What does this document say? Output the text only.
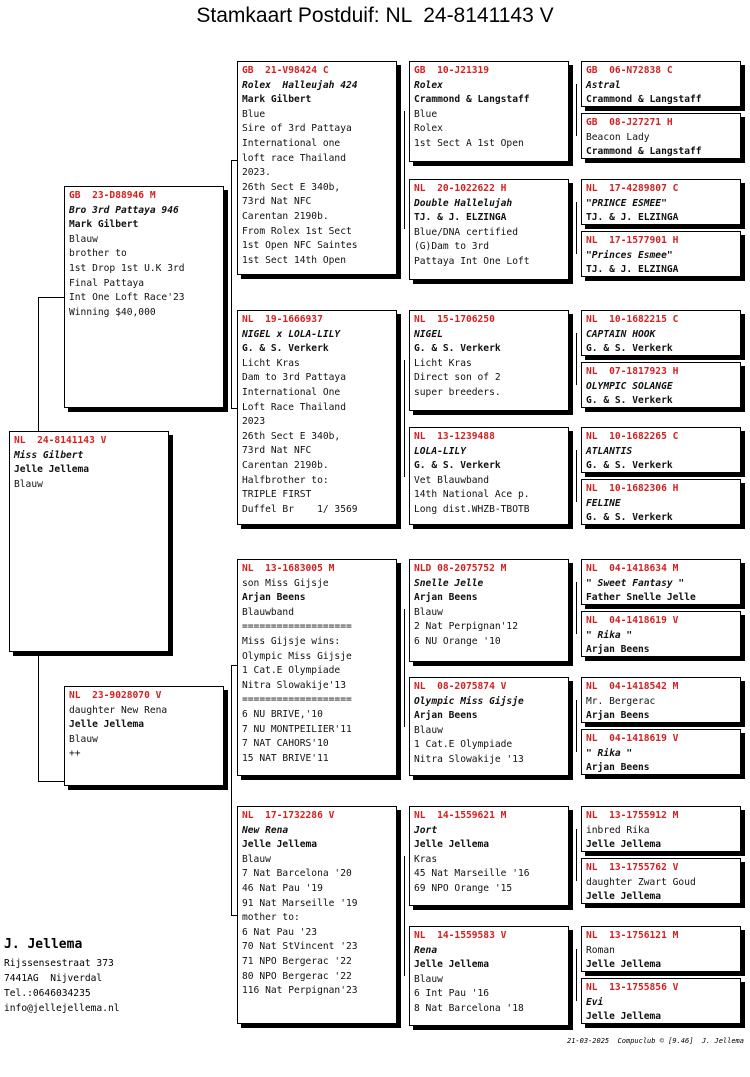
Stamkaart Postduif: NL  24-8141143 V
NL  24-8141143 V
Miss Gilbert
Jelle Jellema
Blauw
GB  23-D88946 M
Bro 3rd Pattaya 946
Mark Gilbert
Blauw
brother to
1st Drop 1st U.K 3rd
Final Pattaya
Int One Loft Race'23
Winning $40,000
NL  23-9028070 V
daughter New Rena
Jelle Jellema
Blauw
++
GB  21-V98424 C
Rolex  Halleujah 424
Mark Gilbert
Blue
Sire of 3rd Pattaya
International one
loft race Thailand
2023.
26th Sect E 340b,
73rd Nat NFC
Carentan 2190b.
From Rolex 1st Sect
1st Open NFC Saintes
1st Sect 14th Open
NL  19-1666937
NIGEL x LOLA-LILY
G. & S. Verkerk
Licht Kras
Dam to 3rd Pattaya
International One
Loft Race Thailand
2023
26th Sect E 340b,
73rd Nat NFC
Carentan 2190b.
Halfbrother to:
TRIPLE FIRST
Duffel Br    1/ 3569
NL  13-1683005 M
son Miss Gijsje
Arjan Beens
Blauwband
===================
Miss Gijsje wins:
Olympic Miss Gijsje
1 Cat.E Olympiade
Nitra Slowakije'13
===================
6 NU BRIVE,'10
7 NU MONTPEILIER'11
7 NAT CAHORS'10
15 NAT BRIVE'11
NL  17-1732286 V
New Rena
Jelle Jellema
Blauw
7 Nat Barcelona '20
46 Nat Pau '19
91 Nat Marseille '19
mother to:
6 Nat Pau '23
70 Nat StVincent '23
71 NPO Bergerac '22
80 NPO Bergerac '22
116 Nat Perpignan'23
GB  10-J21319
Rolex
Crammond & Langstaff
Blue
Rolex
1st Sect A 1st Open
NL  20-1022622 H
Double Hallelujah
TJ. & J. ELZINGA
Blue/DNA certified
(G)Dam to 3rd
Pattaya Int One Loft
NL  15-1706250
NIGEL
G. & S. Verkerk
Licht Kras
Direct son of 2
super breeders.
NL  13-1239488
LOLA-LILY
G. & S. Verkerk
Vet Blauwband
14th National Ace p.
Long dist.WHZB-TBOTB
NLD 08-2075752 M
Snelle Jelle
Arjan Beens
Blauw
2 Nat Perpignan'12
6 NU Orange '10
NL  08-2075874 V
Olympic Miss Gijsje
Arjan Beens
Blauw
1 Cat.E Olympiade
Nitra Slowakije '13
NL  14-1559621 M
Jort
Jelle Jellema
Kras
45 Nat Marseille '16
69 NPO Orange '15
NL  14-1559583 V
Rena
Jelle Jellema
Blauw
6 Int Pau '16
8 Nat Barcelona '18
GB  06-N72838 C
Astral
Crammond & Langstaff
GB  08-J27271 H
Beacon Lady
Crammond & Langstaff
NL  17-4289807 C
"PRINCE ESMEE"
TJ. & J. ELZINGA
NL  17-1577901 H
"Princes Esmee"
TJ. & J. ELZINGA
NL  10-1682215 C
CAPTAIN HOOK
G. & S. Verkerk
NL  07-1817923 H
OLYMPIC SOLANGE
G. & S. Verkerk
NL  10-1682265 C
ATLANTIS
G. & S. Verkerk
NL  10-1682306 H
FELINE
G. & S. Verkerk
NL  04-1418634 M
" Sweet Fantasy "
Father Snelle Jelle
NL  04-1418619 V
" Rika "
Arjan Beens
NL  04-1418542 M
Mr. Bergerac
Arjan Beens
NL  04-1418619 V
" Rika "
Arjan Beens
NL  13-1755912 M
inbred Rika
Jelle Jellema
NL  13-1755762 V
daughter Zwart Goud
Jelle Jellema
NL  13-1756121 M
Roman
Jelle Jellema
NL  13-1755856 V
Evi
Jelle Jellema
J. Jellema
Rijssensestraat 373
7441AG  Nijverdal
Tel.:0646034235
info@jellejellema.nl
21-03-2025  Compuclub © [9.46]  J. Jellema
